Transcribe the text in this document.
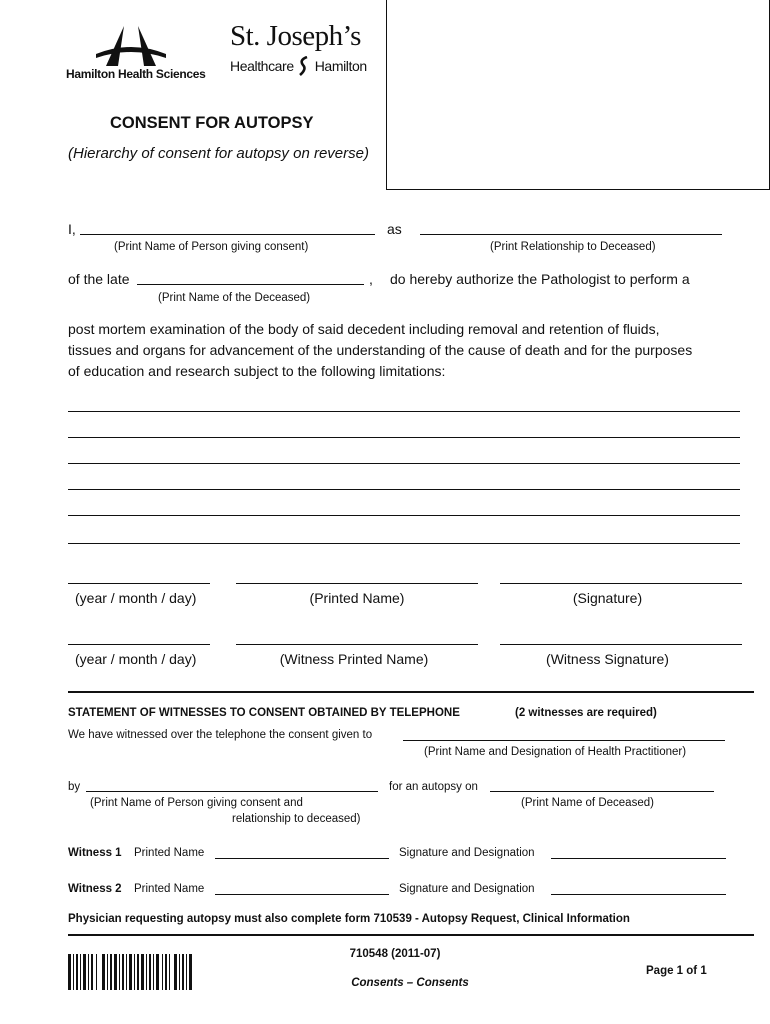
Hamilton Health Sciences
St. Joseph’s
Healthcare Hamilton
CONSENT FOR AUTOPSY
(Hierarchy of consent for autopsy on reverse)
I,	as
(Print Name of Person giving consent)	(Print Relationship to Deceased)
of the late	, do hereby authorize the Pathologist to perform a
(Print Name of the Deceased)
post mortem examination of the body of said decedent including removal and retention of fluids,
tissues and organs for advancement of the understanding of the cause of death and for the purposes
of education and research subject to the following limitations:
(year / month / day)	(Printed Name)	(Signature)
(year / month / day)	(Witness Printed Name)	(Witness Signature)
STATEMENT OF WITNESSES TO CONSENT OBTAINED BY TELEPHONE	(2 witnesses are required)
We have witnessed over the telephone the consent given to
(Print Name and Designation of Health Practitioner)
by	for an autopsy on
(Print Name of Person giving consent and
relationship to deceased)
(Print Name of Deceased)
Witness 1 Printed Name	Signature and Designation
Witness 2 Printed Name	Signature and Designation
Physician requesting autopsy must also complete form 710539 - Autopsy Request, Clinical Information
710548 (2011-07)
Consents – Consents
Page 1 of 1
